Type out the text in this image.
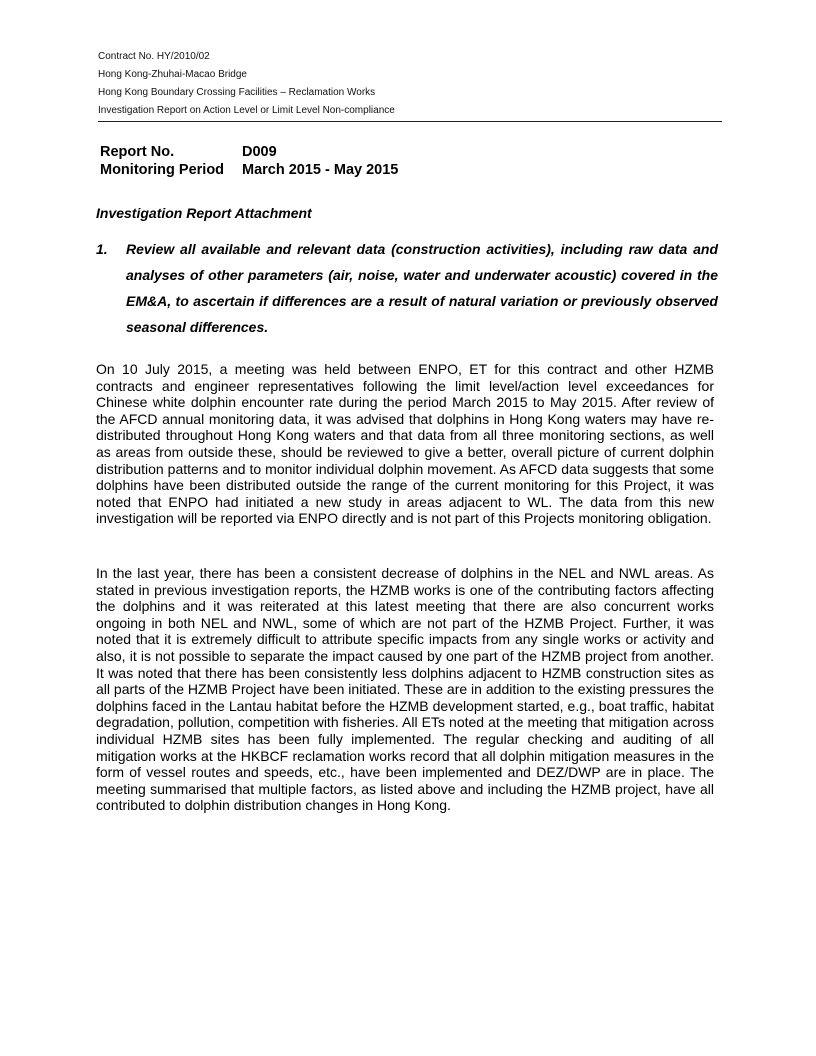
Contract No. HY/2010/02
Hong Kong-Zhuhai-Macao Bridge
Hong Kong Boundary Crossing Facilities – Reclamation Works
Investigation Report on Action Level or Limit Level Non-compliance
Report No.	D009
Monitoring Period	March 2015 - May 2015
Investigation Report Attachment
1.	Review all available and relevant data (construction activities), including raw data and analyses of other parameters (air, noise, water and underwater acoustic) covered in the EM&A, to ascertain if differences are a result of natural variation or previously observed seasonal differences.

On 10 July 2015, a meeting was held between ENPO, ET for this contract and other HZMB contracts and engineer representatives following the limit level/action level exceedances for Chinese white dolphin encounter rate during the period March 2015 to May 2015. After review of the AFCD annual monitoring data, it was advised that dolphins in Hong Kong waters may have re-distributed throughout Hong Kong waters and that data from all three monitoring sections, as well as areas from outside these, should be reviewed to give a better, overall picture of current dolphin distribution patterns and to monitor individual dolphin movement. As AFCD data suggests that some dolphins have been distributed outside the range of the current monitoring for this Project, it was noted that ENPO had initiated a new study in areas adjacent to WL. The data from this new investigation will be reported via ENPO directly and is not part of this Projects monitoring obligation.

In the last year, there has been a consistent decrease of dolphins in the NEL and NWL areas. As stated in previous investigation reports, the HZMB works is one of the contributing factors affecting the dolphins and it was reiterated at this latest meeting that there are also concurrent works ongoing in both NEL and NWL, some of which are not part of the HZMB Project. Further, it was noted that it is extremely difficult to attribute specific impacts from any single works or activity and also, it is not possible to separate the impact caused by one part of the HZMB project from another. It was noted that there has been consistently less dolphins adjacent to HZMB construction sites as all parts of the HZMB Project have been initiated. These are in addition to the existing pressures the dolphins faced in the Lantau habitat before the HZMB development started, e.g., boat traffic, habitat degradation, pollution, competition with fisheries. All ETs noted at the meeting that mitigation across individual HZMB sites has been fully implemented. The regular checking and auditing of all mitigation works at the HKBCF reclamation works record that all dolphin mitigation measures in the form of vessel routes and speeds, etc., have been implemented and DEZ/DWP are in place. The meeting summarised that multiple factors, as listed above and including the HZMB project, have all contributed to dolphin distribution changes in Hong Kong.
